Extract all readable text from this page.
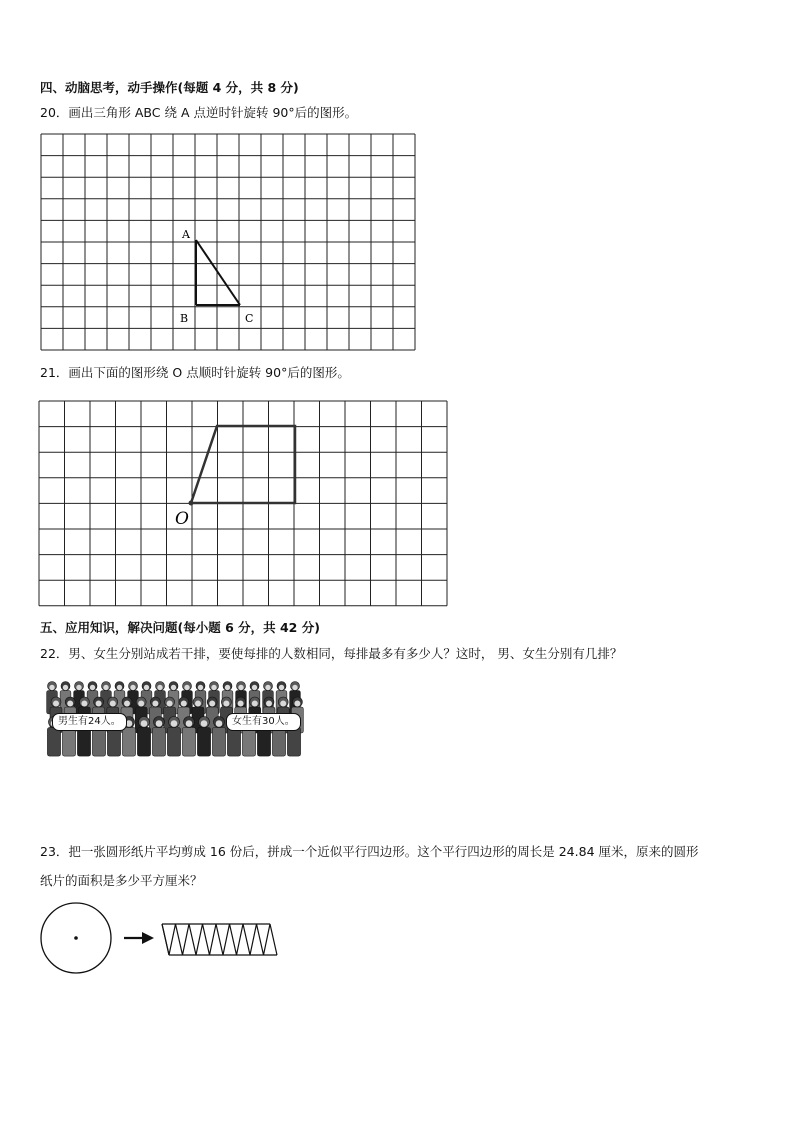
四、动脑思考，动手操作(每题 4 分，共 8 分)
20．画出三角形 ABC 绕 A 点逆时针旋转 90°后的图形。
A
B	C
21．画出下面的图形绕 O 点顺时针旋转 90°后的图形。
O
五、应用知识，解决问题(每小题 6 分，共 42 分)
22．男、女生分别站成若干排，要使每排的人数相同，每排最多有多少人？这时， 男、女生分别有几排？
男生有24人。	女生有30人。
23．把一张圆形纸片平均剪成 16 份后，拼成一个近似平行四边形。这个平行四边形的周长是 24.84 厘米，原来的圆形
纸片的面积是多少平方厘米？
